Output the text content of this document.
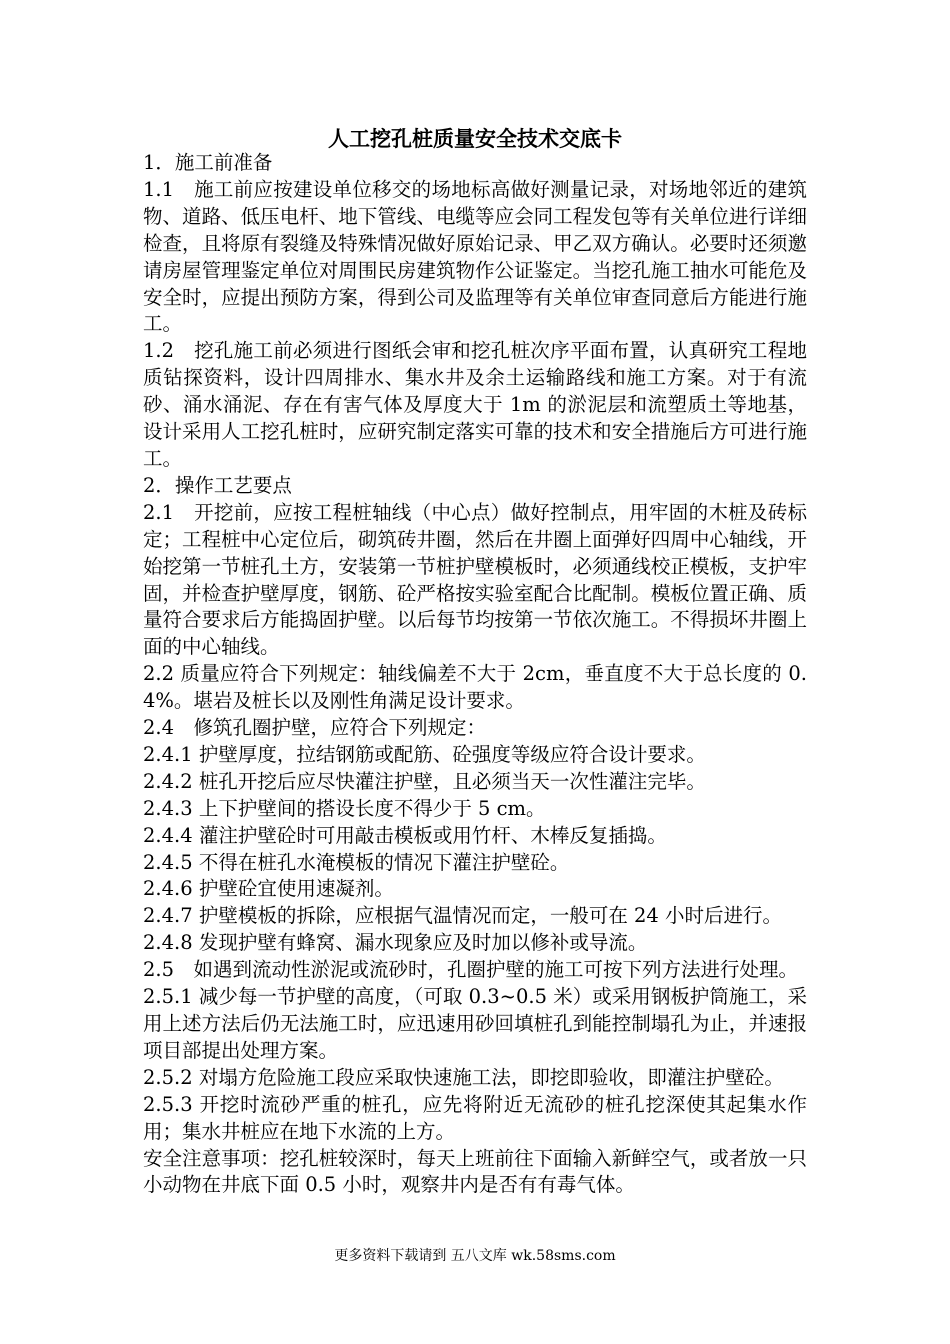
人工挖孔桩质量安全技术交底卡

1．施工前准备

1.1　施工前应按建设单位移交的场地标高做好测量记录，对场地邻近的建筑物、道路、低压电杆、地下管线、电缆等应会同工程发包等有关单位进行详细检查，且将原有裂缝及特殊情况做好原始记录、甲乙双方确认。必要时还须邀请房屋管理鉴定单位对周围民房建筑物作公证鉴定。当挖孔施工抽水可能危及安全时，应提出预防方案，得到公司及监理等有关单位审查同意后方能进行施工。

1.2　挖孔施工前必须进行图纸会审和挖孔桩次序平面布置，认真研究工程地质钻探资料，设计四周排水、集水井及余土运输路线和施工方案。对于有流砂、涌水涌泥、存在有害气体及厚度大于 1m 的淤泥层和流塑质土等地基，设计采用人工挖孔桩时，应研究制定落实可靠的技术和安全措施后方可进行施工。

2．操作工艺要点

2.1　开挖前，应按工程桩轴线（中心点）做好控制点，用牢固的木桩及砖标定；工程桩中心定位后，砌筑砖井圈，然后在井圈上面弹好四周中心轴线，开始挖第一节桩孔土方，安装第一节桩护壁模板时，必须通线校正模板，支护牢固，并检查护壁厚度，钢筋、砼严格按实验室配合比配制。模板位置正确、质量符合要求后方能捣固护壁。以后每节均按第一节依次施工。不得损坏井圈上面的中心轴线。

2.2 质量应符合下列规定：轴线偏差不大于 2cm，垂直度不大于总长度的 0.4%。堪岩及桩长以及刚性角满足设计要求。

2.4　修筑孔圈护壁，应符合下列规定：

2.4.1 护壁厚度，拉结钢筋或配筋、砼强度等级应符合设计要求。

2.4.2 桩孔开挖后应尽快灌注护壁，且必须当天一次性灌注完毕。

2.4.3 上下护壁间的搭设长度不得少于 5 cm。

2.4.4 灌注护壁砼时可用敲击模板或用竹杆、木棒反复插捣。

2.4.5 不得在桩孔水淹模板的情况下灌注护壁砼。

2.4.6 护壁砼宜使用速凝剂。

2.4.7 护壁模板的拆除，应根据气温情况而定，一般可在 24 小时后进行。

2.4.8 发现护壁有蜂窝、漏水现象应及时加以修补或导流。

2.5　如遇到流动性淤泥或流砂时，孔圈护壁的施工可按下列方法进行处理。

2.5.1 减少每一节护壁的高度，（可取 0.3~0.5 米）或采用钢板护筒施工，采用上述方法后仍无法施工时，应迅速用砂回填桩孔到能控制塌孔为止，并速报项目部提出处理方案。

2.5.2 对塌方危险施工段应采取快速施工法，即挖即验收，即灌注护壁砼。

2.5.3 开挖时流砂严重的桩孔，应先将附近无流砂的桩孔挖深使其起集水作用；集水井桩应在地下水流的上方。

安全注意事项：挖孔桩较深时，每天上班前往下面输入新鲜空气，或者放一只小动物在井底下面 0.5 小时，观察井内是否有有毒气体。

更多资料下载请到 五八文库 wk.58sms.com
